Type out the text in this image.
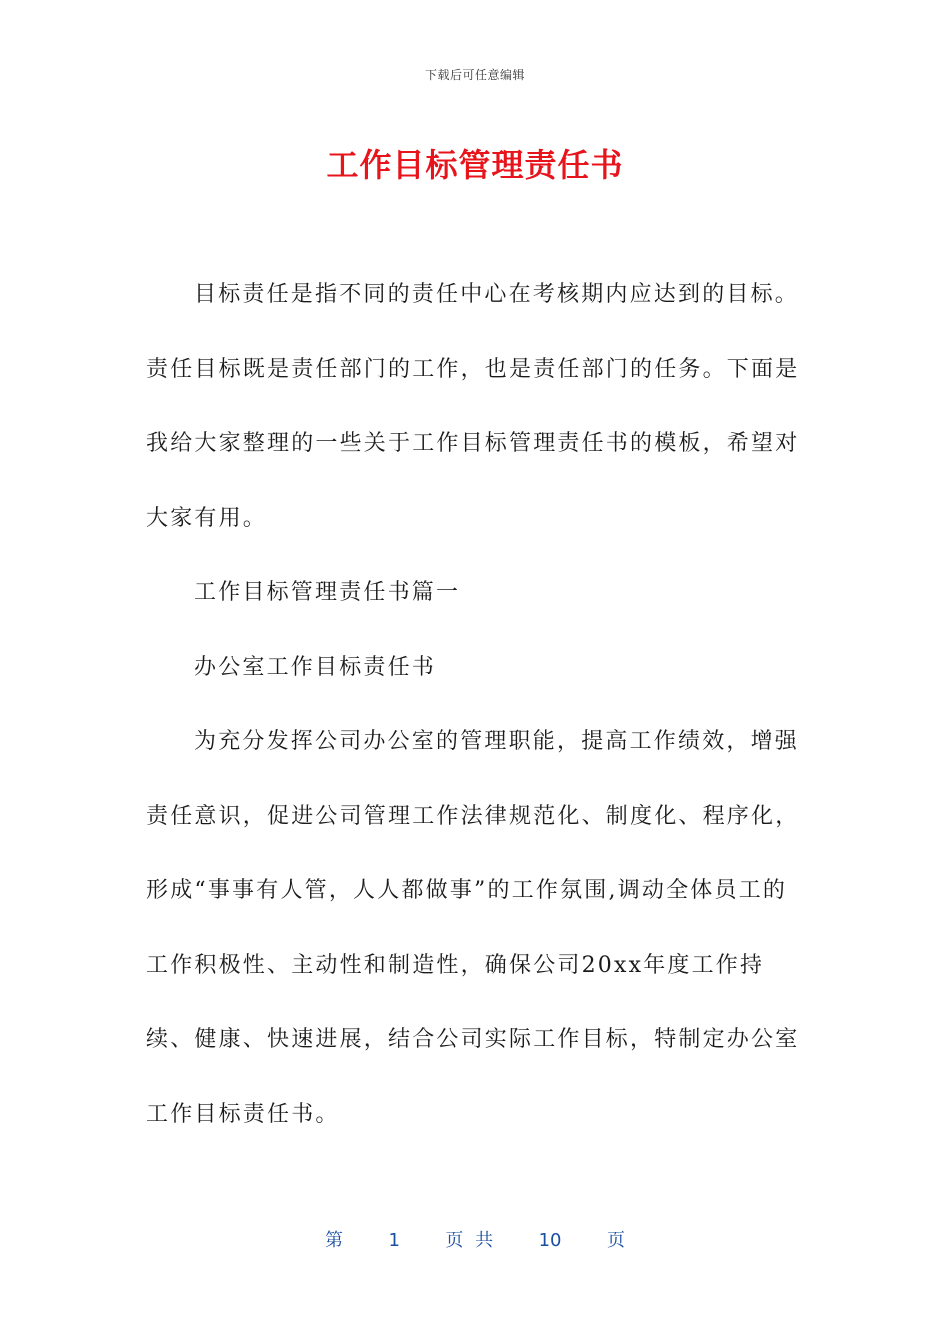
下载后可任意编辑
工作目标管理责任书

目标责任是指不同的责任中心在考核期内应达到的目标。责任目标既是责任部门的工作，也是责任部门的任务。下面是我给大家整理的一些关于工作目标管理责任书的模板，希望对大家有用。

工作目标管理责任书篇一

办公室工作目标责任书

为充分发挥公司办公室的管理职能，提高工作绩效，增强责任意识，促进公司管理工作法律规范化、制度化、程序化，形成“事事有人管，人人都做事”的工作氛围,调动全体员工的工作积极性、主动性和制造性，确保公司20xx年度工作持续、健康、快速进展，结合公司实际工作目标，特制定办公室工作目标责任书。

第	1	页 共	10	页
